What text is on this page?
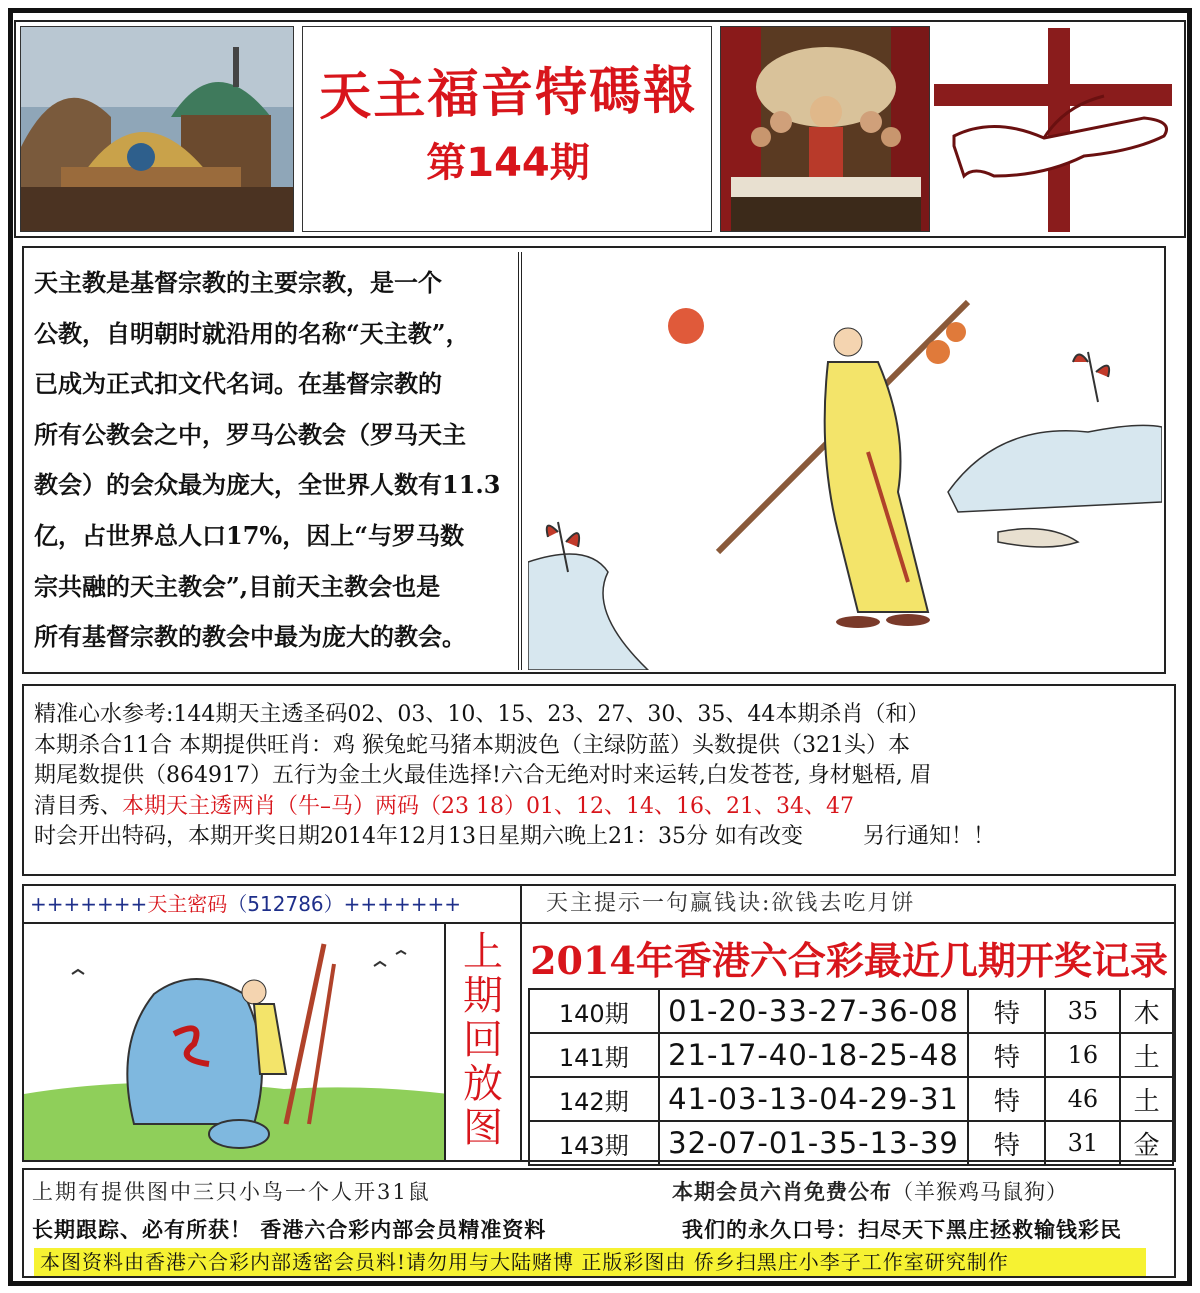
天主福音特碼報
第144期

天主教是基督宗教的主要宗教，是一个

公教，自明朝时就沿用的名称“天主教”，

已成为正式扣文代名词。在基督宗教的

所有公教会之中，罗马公教会（罗马天主

教会）的会众最为庞大，全世界人数有11.3

亿，占世界总人口17%，因上“与罗马数

宗共融的天主教会”,目前天主教会也是

所有基督宗教的教会中最为庞大的教会。

精准心水参考:144期天主透圣码02、03、10、15、23、27、30、35、44本期杀肖（和）

本期杀合11合 本期提供旺肖：鸡 猴兔蛇马猪本期波色（主绿防蓝）头数提供（321头）本

期尾数提供（864917）五行为金土火最佳选择!六合无绝对时来运转,白发苍苍, 身材魁梧, 眉

清目秀、本期天主透两肖（牛–马）两码（23 18）01、12、14、16、21、34、47

时会开出特码，本期开奖日期2014年12月13日星期六晚上21：35分 如有改变	另行通知！！

+++++++天主密码（512786）+++++++	天主提示一句赢钱诀:欲钱去吃月饼
上
期
回
放
图
2014年香港六合彩最近几期开奖记录
140期	01-20-33-27-36-08	特	35	木
141期	21-17-40-18-25-48	特	16	土
142期	41-03-13-04-29-31	特	46	土
143期	32-07-01-35-13-39	特	31	金
上期有提供图中三只小鸟一个人开31鼠	本期会员六肖免费公布（羊猴鸡马鼠狗）
长期跟踪、必有所获！ 香港六合彩内部会员精准资料	我们的永久口号：扫尽天下黑庄拯救输钱彩民
本图资料由香港六合彩内部透密会员料!请勿用与大陆赌博 正版彩图由 侨乡扫黑庄小李子工作室研究制作
